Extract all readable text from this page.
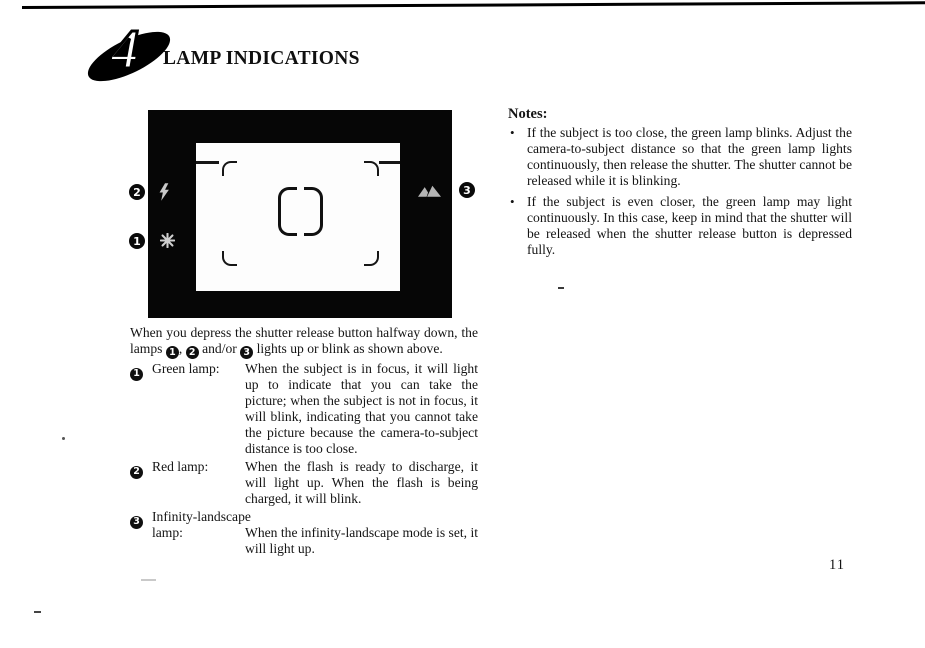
4 LAMP INDICATIONS
2
1
3

When you depress the shutter release button halfway down, the lamps 1 , 2 and/or 3 lights up or blink as shown above.

1 Green lamp:	When the subject is in focus, it will light up to indicate that you can take the picture; when the subject is not in focus, it will blink, indicating that you cannot take the picture because the camera-to-subject distance is too close.
2 Red lamp:	When the flash is ready to discharge, it will light up. When the flash is being charged, it will blink.
3 Infinity-landscape lamp:	When the infinity-landscape mode is set, it will light up.
Notes:
• If the subject is too close, the green lamp blinks. Adjust the camera-to-subject distance so that the green lamp lights continuously, then release the shutter. The shutter cannot be released while it is blinking.

• If the subject is even closer, the green lamp may light continuously. In this case, keep in mind that the shutter will be released when the shutter release button is depressed fully.

11
